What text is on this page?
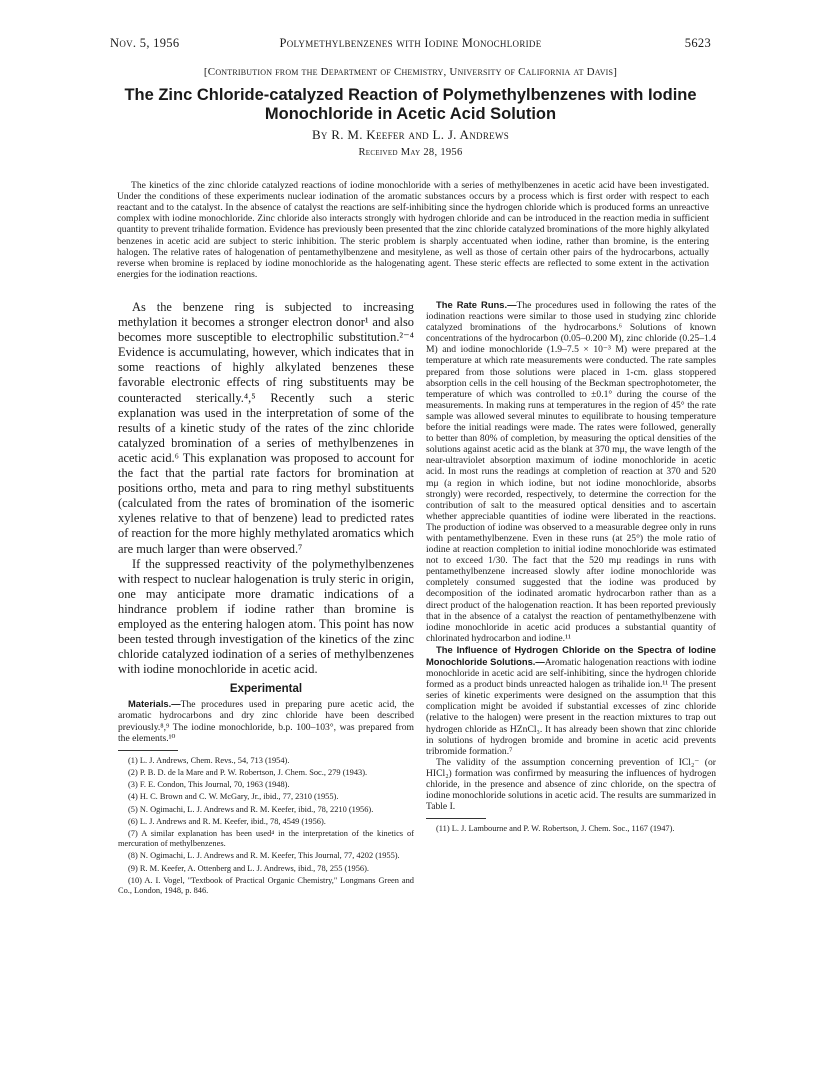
Nov. 5, 1956	Polymethylbenzenes with Iodine Monochloride	5623
[Contribution from the Department of Chemistry, University of California at Davis]
The Zinc Chloride-catalyzed Reaction of Polymethylbenzenes with Iodine Monochloride in Acetic Acid Solution
By R. M. Keefer and L. J. Andrews
Received May 28, 1956

The kinetics of the zinc chloride catalyzed reactions of iodine monochloride with a series of methylbenzenes in acetic acid have been investigated. Under the conditions of these experiments nuclear iodination of the aromatic substances occurs by a process which is first order with respect to each reactant and to the catalyst. In the absence of catalyst the reactions are self-inhibiting since the hydrogen chloride which is produced forms an unreactive complex with iodine monochloride. Zinc chloride also interacts strongly with hydrogen chloride and can be introduced in the reaction media in sufficient quantity to prevent trihalide formation. Evidence has previously been presented that the zinc chloride catalyzed brominations of the more highly alkylated benzenes in acetic acid are subject to steric inhibition. The steric problem is sharply accentuated when iodine, rather than bromine, is the entering halogen. The relative rates of halogenation of pentamethylbenzene and mesitylene, as well as those of certain other pairs of the hydrocarbons, actually reverse when bromine is replaced by iodine monochloride as the halogenating agent. These steric effects are reflected to some extent in the activation energies for the iodination reactions.

As the benzene ring is subjected to increasing methylation it becomes a stronger electron donor¹ and also becomes more susceptible to electrophilic substitution.²⁻⁴ Evidence is accumulating, however, which indicates that in some reactions of highly alkylated benzenes these favorable electronic effects of ring substituents may be counteracted sterically.⁴,⁵ Recently such a steric explanation was used in the interpretation of some of the results of a kinetic study of the rates of the zinc chloride catalyzed bromination of a series of methylbenzenes in acetic acid.⁶ This explanation was proposed to account for the fact that the partial rate factors for bromination at positions ortho, meta and para to ring methyl substituents (calculated from the rates of bromination of the isomeric xylenes relative to that of benzene) lead to predicted rates of reaction for the more highly methylated aromatics which are much larger than were observed.⁷

If the suppressed reactivity of the polymethylbenzenes with respect to nuclear halogenation is truly steric in origin, one may anticipate more dramatic indications of a hindrance problem if iodine rather than bromine is employed as the entering halogen atom. This point has now been tested through investigation of the kinetics of the zinc chloride catalyzed iodination of a series of methylbenzenes with iodine monochloride in acetic acid.

Experimental

Materials.—The procedures used in preparing pure acetic acid, the aromatic hydrocarbons and dry zinc chloride have been described previously.⁸,⁹ The iodine monochloride, b.p. 100–103°, was prepared from the elements.¹⁰

(1) L. J. Andrews, Chem. Revs., 54, 713 (1954).
(2) P. B. D. de la Mare and P. W. Robertson, J. Chem. Soc., 279 (1943).
(3) F. E. Condon, This Journal, 70, 1963 (1948).
(4) H. C. Brown and C. W. McGary, Jr., ibid., 77, 2310 (1955).
(5) N. Ogimachi, L. J. Andrews and R. M. Keefer, ibid., 78, 2210 (1956).
(6) L. J. Andrews and R. M. Keefer, ibid., 78, 4549 (1956).
(7) A similar explanation has been used⁴ in the interpretation of the kinetics of mercuration of methylbenzenes.
(8) N. Ogimachi, L. J. Andrews and R. M. Keefer, This Journal, 77, 4202 (1955).
(9) R. M. Keefer, A. Ottenberg and L. J. Andrews, ibid., 78, 255 (1956).
(10) A. I. Vogel, "Textbook of Practical Organic Chemistry," Longmans Green and Co., London, 1948, p. 846.

The Rate Runs.—The procedures used in following the rates of the iodination reactions were similar to those used in studying zinc chloride catalyzed brominations of the hydrocarbons.⁶ Solutions of known concentrations of the hydrocarbon (0.05–0.200 M), zinc chloride (0.25–1.4 M) and iodine monochloride (1.9–7.5 × 10⁻³ M) were prepared at the temperature at which rate measurements were conducted. The rate samples prepared from those solutions were placed in 1-cm. glass stoppered absorption cells in the cell housing of the Beckman spectrophotometer, the temperature of which was controlled to ±0.1° during the course of the measurements. In making runs at temperatures in the region of 45° the rate sample was allowed several minutes to equilibrate to housing temperature before the initial readings were made. The rates were followed, generally to better than 80% of completion, by measuring the optical densities of the solutions against acetic acid as the blank at 370 mμ, the wave length of the near-ultraviolet absorption maximum of iodine monochloride in acetic acid. In most runs the readings at completion of reaction at 370 and 520 mμ (a region in which iodine, but not iodine monochloride, absorbs strongly) were recorded, respectively, to determine the correction for the contribution of salt to the measured optical densities and to ascertain whether appreciable quantities of iodine were liberated in the reactions. The production of iodine was observed to a measurable degree only in runs with pentamethylbenzene. Even in these runs (at 25°) the mole ratio of iodine at reaction completion to initial iodine monochloride was estimated not to exceed 1/30. The fact that the 520 mμ readings in runs with pentamethylbenzene increased slowly after iodine monochloride was completely consumed suggested that the iodine was produced by decomposition of the iodinated aromatic hydrocarbon rather than as a direct product of the halogenation reaction. It has been reported previously that in the absence of a catalyst the reaction of pentamethylbenzene with iodine monochloride in acetic acid produces a substantial quantity of chlorinated hydrocarbon and iodine.¹¹

The Influence of Hydrogen Chloride on the Spectra of Iodine Monochloride Solutions.—Aromatic halogenation reactions with iodine monochloride in acetic acid are self-inhibiting, since the hydrogen chloride formed as a product binds unreacted halogen as trihalide ion.¹¹ The present series of kinetic experiments were designed on the assumption that this complication might be avoided if substantial excesses of zinc chloride (relative to the halogen) were present in the reaction mixtures to trap out hydrogen chloride as HZnCl₃. It has already been shown that zinc chloride in solutions of hydrogen bromide and bromine in acetic acid prevents tribromide formation.⁷

The validity of the assumption concerning prevention of ICl₂⁻ (or HICl₂) formation was confirmed by measuring the influences of hydrogen chloride, in the presence and absence of zinc chloride, on the spectra of iodine monochloride solutions in acetic acid. The results are summarized in Table I.

(11) L. J. Lambourne and P. W. Robertson, J. Chem. Soc., 1167 (1947).
